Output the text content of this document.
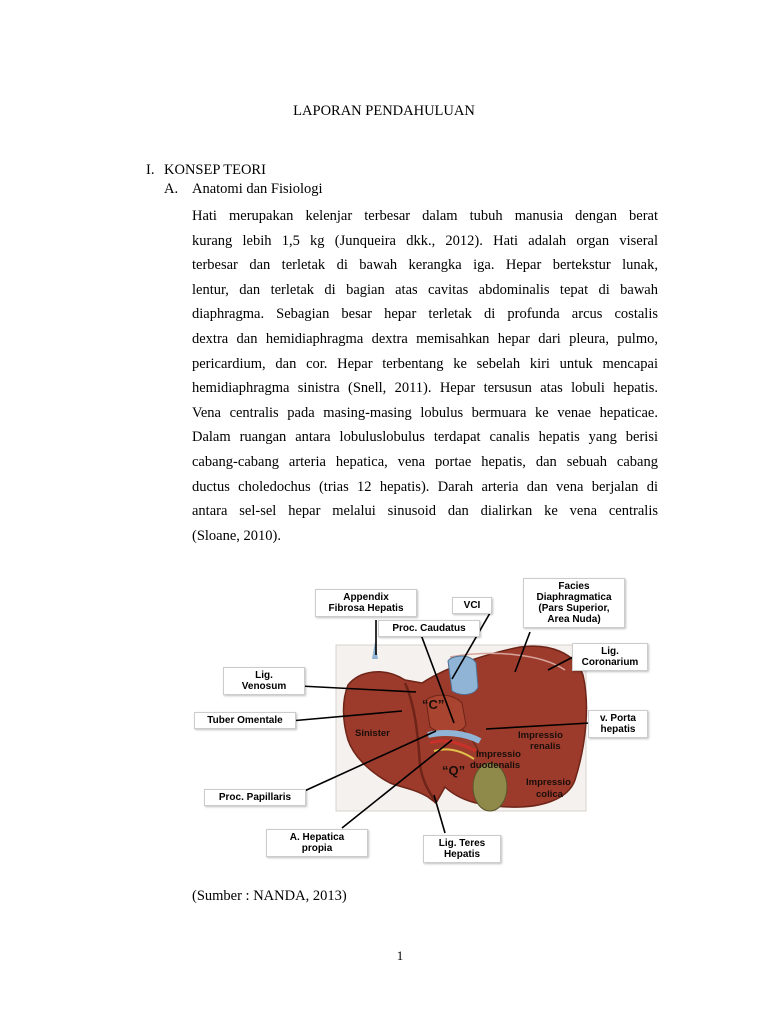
LAPORAN PENDAHULUAN
I. KONSEP TEORI
A. Anatomi dan Fisiologi
Hati merupakan kelenjar terbesar dalam tubuh manusia dengan berat
kurang lebih 1,5 kg (Junqueira dkk., 2012). Hati adalah organ viseral
terbesar dan terletak di bawah kerangka iga. Hepar bertekstur lunak,
lentur, dan terletak di bagian atas cavitas abdominalis tepat di bawah
diaphragma. Sebagian besar hepar terletak di profunda arcus costalis
dextra dan hemidiaphragma dextra memisahkan hepar dari pleura, pulmo,
pericardium, dan cor. Hepar terbentang ke sebelah kiri untuk mencapai
hemidiaphragma sinistra (Snell, 2011). Hepar tersusun atas lobuli hepatis.
Vena centralis pada masing-masing lobulus bermuara ke venae hepaticae.
Dalam ruangan antara lobuluslobulus terdapat canalis hepatis yang berisi
cabang-cabang arteria hepatica, vena portae hepatis, dan sebuah cabang
ductus choledochus (trias 12 hepatis). Darah arteria dan vena berjalan di
antara sel-sel hepar melalui sinusoid dan dialirkan ke vena centralis
(Sloane, 2010).
“C”
“Q”
Sinister	Impressio
renalis
Impressio
duodenalis
Impressio
colica
Appendix
Fibrosa Hepatis	VCI
Facies
Diaphragmatica
(Pars Superior,
Area Nuda)
Proc. Caudatus
Lig.
Coronarium
Lig.
Venosum
Tuber Omentale	v. Porta
hepatis
Proc. Papillaris
A. Hepatica
propia	Lig. Teres
Hepatis
(Sumber : NANDA, 2013)
1
